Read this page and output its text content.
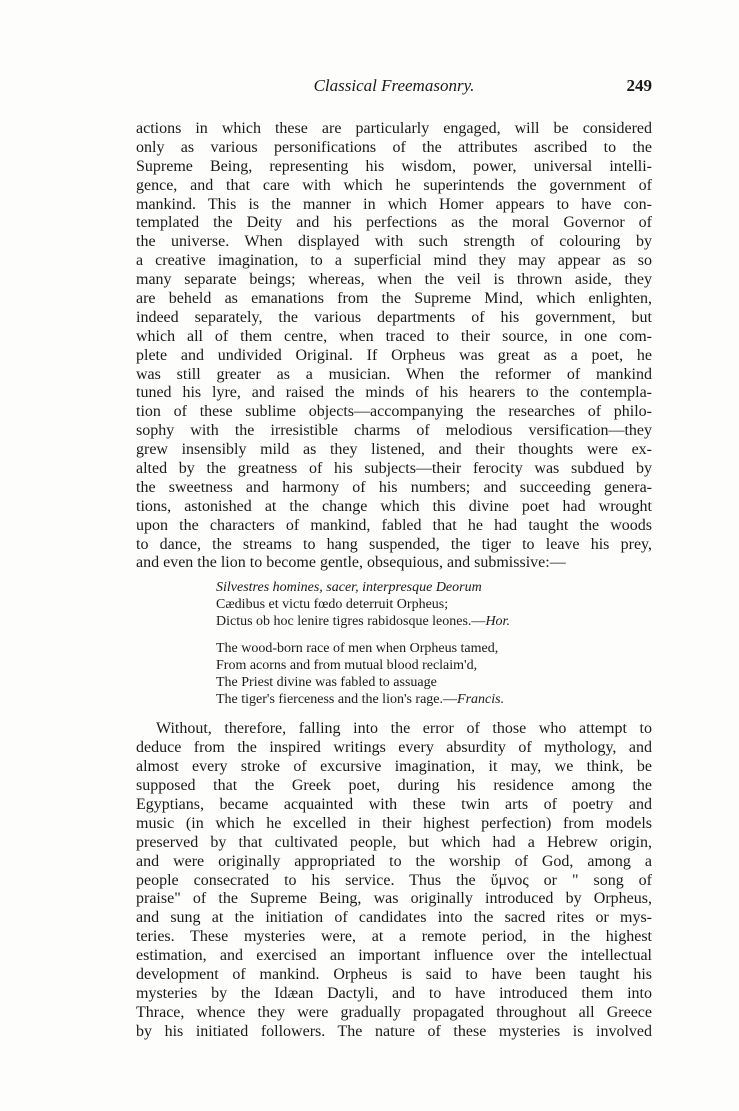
Classical Freemasonry.	249
actions in which these are particularly engaged, will be considered
only as various personifications of the attributes ascribed to the
Supreme Being, representing his wisdom, power, universal intelli-
gence, and that care with which he superintends the government of
mankind. This is the manner in which Homer appears to have con-
templated the Deity and his perfections as the moral Governor of
the universe. When displayed with such strength of colouring by
a creative imagination, to a superficial mind they may appear as so
many separate beings; whereas, when the veil is thrown aside, they
are beheld as emanations from the Supreme Mind, which enlighten,
indeed separately, the various departments of his government, but
which all of them centre, when traced to their source, in one com-
plete and undivided Original. If Orpheus was great as a poet, he
was still greater as a musician. When the reformer of mankind
tuned his lyre, and raised the minds of his hearers to the contempla-
tion of these sublime objects—accompanying the researches of philo-
sophy with the irresistible charms of melodious versification—they
grew insensibly mild as they listened, and their thoughts were ex-
alted by the greatness of his subjects—their ferocity was subdued by
the sweetness and harmony of his numbers; and succeeding genera-
tions, astonished at the change which this divine poet had wrought
upon the characters of mankind, fabled that he had taught the woods
to dance, the streams to hang suspended, the tiger to leave his prey,
and even the lion to become gentle, obsequious, and submissive:—
Silvestres homines, sacer, interpresque Deorum
Cædibus et victu fœdo deterruit Orpheus;
Dictus ob hoc lenire tigres rabidosque leones.—Hor.
The wood-born race of men when Orpheus tamed,
From acorns and from mutual blood reclaim'd,
The Priest divine was fabled to assuage
The tiger's fierceness and the lion's rage.—Francis.
Without, therefore, falling into the error of those who attempt to
deduce from the inspired writings every absurdity of mythology, and
almost every stroke of excursive imagination, it may, we think, be
supposed that the Greek poet, during his residence among the
Egyptians, became acquainted with these twin arts of poetry and
music (in which he excelled in their highest perfection) from models
preserved by that cultivated people, but which had a Hebrew origin,
and were originally appropriated to the worship of God, among a
people consecrated to his service. Thus the ὕμνος or " song of
praise" of the Supreme Being, was originally introduced by Orpheus,
and sung at the initiation of candidates into the sacred rites or mys-
teries. These mysteries were, at a remote period, in the highest
estimation, and exercised an important influence over the intellectual
development of mankind. Orpheus is said to have been taught his
mysteries by the Idæan Dactyli, and to have introduced them into
Thrace, whence they were gradually propagated throughout all Greece
by his initiated followers. The nature of these mysteries is involved
